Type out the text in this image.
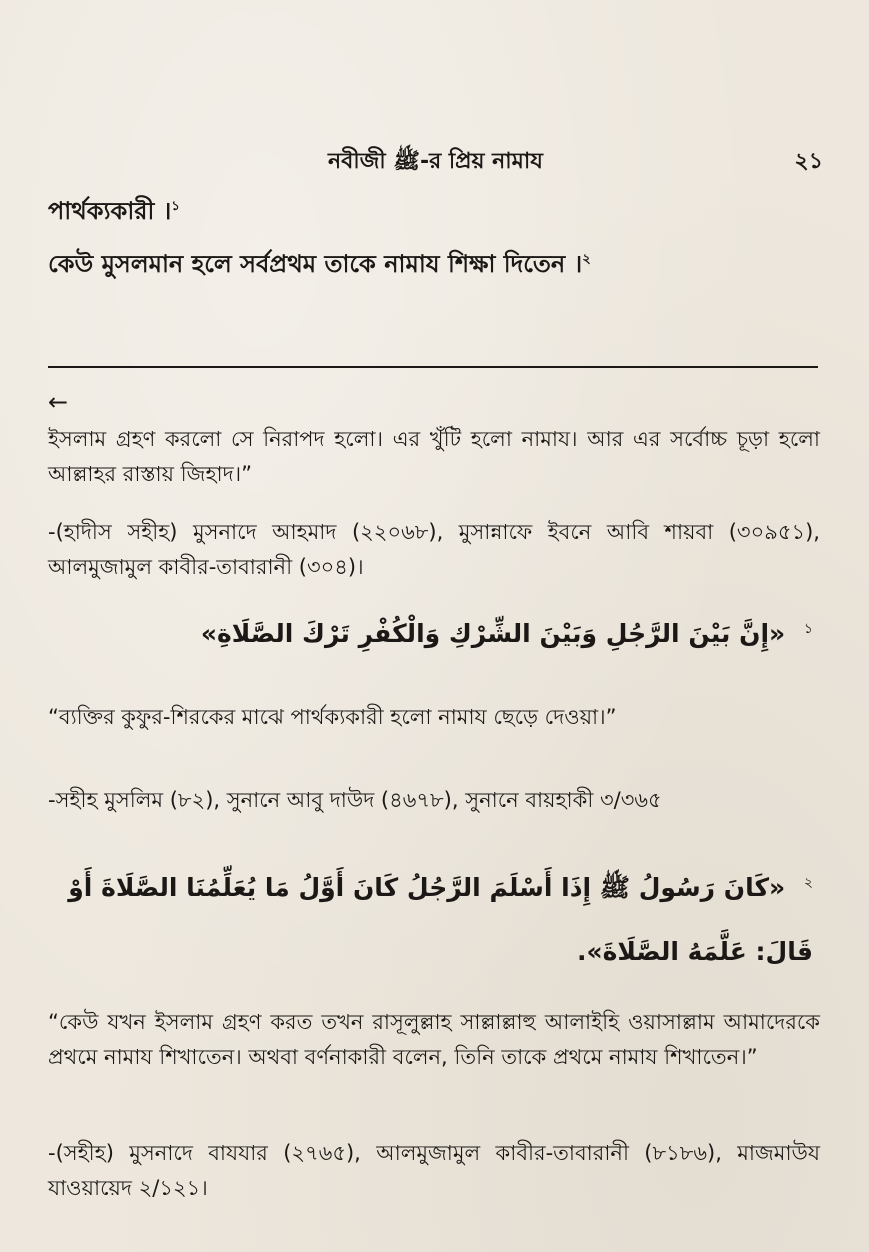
নবীজী ﷺ-র প্রিয় নামায	২১
পার্থক্যকারী ।$^১$
কেউ মুসলমান হলে সর্বপ্রথম তাকে নামায শিক্ষা দিতেন ।$^২$
←
ইসলাম গ্রহণ করলো সে নিরাপদ হলো। এর খুঁটি হলো নামায। আর এর সর্বোচ্চ চূড়া হলো আল্লাহর রাস্তায় জিহাদ।”
-(হাদীস সহীহ) মুসনাদে আহমাদ (২২০৬৮), মুসান্নাফে ইবনে আবি শায়বা (৩০৯৫১), আলমুজামুল কাবীর-তাবারানী (৩০৪)।
$^১$ «إِنَّ بَيْنَ الرَّجُلِ وَبَيْنَ الشِّرْكِ وَالْكُفْرِ تَرْكَ الصَّلَاةِ»
“ব্যক্তির কুফুর-শিরকের মাঝে পার্থক্যকারী হলো নামায ছেড়ে দেওয়া।”
-সহীহ মুসলিম (৮২), সুনানে আবু দাউদ (৪৬৭৮), সুনানে বায়হাকী ৩/৩৬৫
$^২$ «كَانَ رَسُولُ ﷺ إِذَا أَسْلَمَ الرَّجُلُ كَانَ أَوَّلُ مَا يُعَلِّمُنَا الصَّلَاةَ أَوْ
قَالَ: عَلَّمَهُ الصَّلَاةَ».
“কেউ যখন ইসলাম গ্রহণ করত তখন রাসূলুল্লাহ সাল্লাল্লাহু আলাইহি ওয়াসাল্লাম আমাদেরকে প্রথমে নামায শিখাতেন। অথবা বর্ণনাকারী বলেন, তিনি তাকে প্রথমে নামায শিখাতেন।”
-(সহীহ) মুসনাদে বাযযার (২৭৬৫), আলমুজামুল কাবীর-তাবারানী (৮১৮৬), মাজমাউয যাওয়ায়েদ ২/১২১।
